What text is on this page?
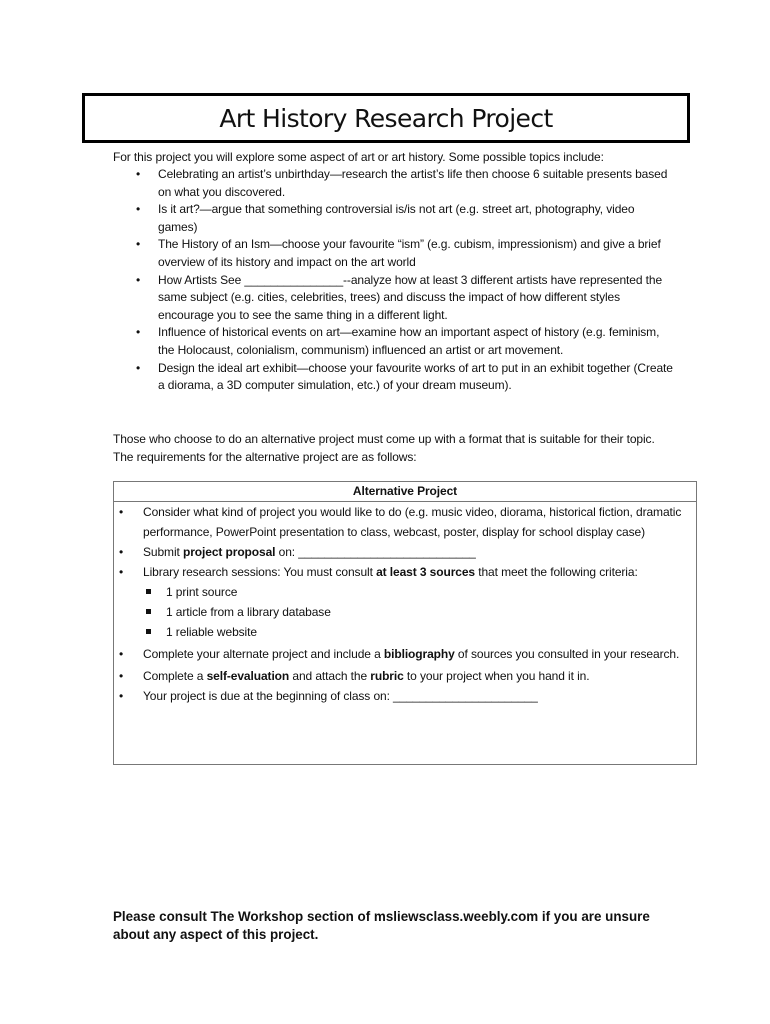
Art History Research Project
For this project you will explore some aspect of art or art history. Some possible topics include:
• Celebrating an artist’s unbirthday—research the artist’s life then choose 6 suitable presents based on what you discovered.
• Is it art?—argue that something controversial is/is not art (e.g. street art, photography, video games)
• The History of an Ism—choose your favourite “ism” (e.g. cubism, impressionism) and give a brief overview of its history and impact on the art world
• How Artists See _______________--analyze how at least 3 different artists have represented the same subject (e.g. cities, celebrities, trees) and discuss the impact of how different styles encourage you to see the same thing in a different light.
• Influence of historical events on art—examine how an important aspect of history (e.g. feminism, the Holocaust, colonialism, communism) influenced an artist or art movement.
• Design the ideal art exhibit—choose your favourite works of art to put in an exhibit together (Create a diorama, a 3D computer simulation, etc.) of your dream museum).
Those who choose to do an alternative project must come up with a format that is suitable for their topic. The requirements for the alternative project are as follows:
Alternative Project
• Consider what kind of project you would like to do (e.g. music video, diorama, historical fiction, dramatic performance, PowerPoint presentation to class, webcast, poster, display for school display case)
• Submit project proposal on: ___________________________
• Library research sessions: You must consult at least 3 sources that meet the following criteria:
1 print source
1 article from a library database
1 reliable website
• Complete your alternate project and include a bibliography of sources you consulted in your research.
• Complete a self-evaluation and attach the rubric to your project when you hand it in.
• Your project is due at the beginning of class on: ______________________
Please consult The Workshop section of msliewsclass.weebly.com if you are unsure about any aspect of this project.
